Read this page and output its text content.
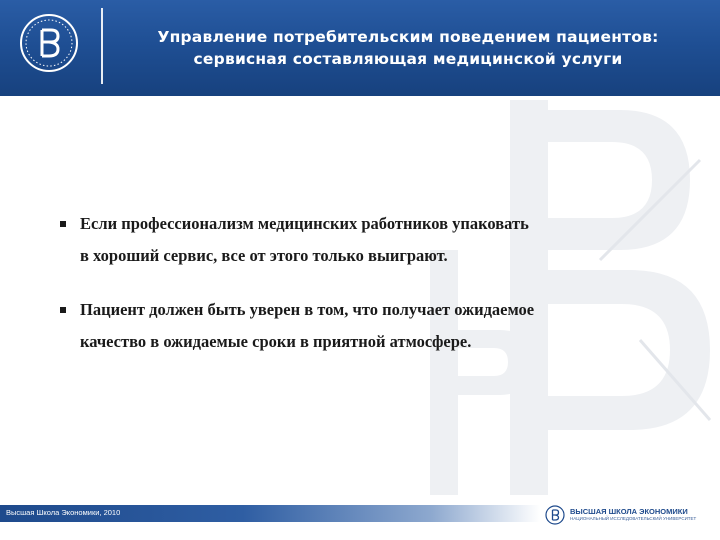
Управление потребительским поведением пациентов:
сервисная составляющая медицинской услуги
Если профессионализм медицинских работников упаковать
в хороший сервис, все от этого только выиграют.
Пациент должен быть уверен в том, что получает ожидаемое
качество в ожидаемые сроки в приятной атмосфере.
Высшая Школа Экономики, 2010	ВЫСШАЯ ШКОЛА ЭКОНОМИКИ
НАЦИОНАЛЬНЫЙ ИССЛЕДОВАТЕЛЬСКИЙ УНИВЕРСИТЕТ
